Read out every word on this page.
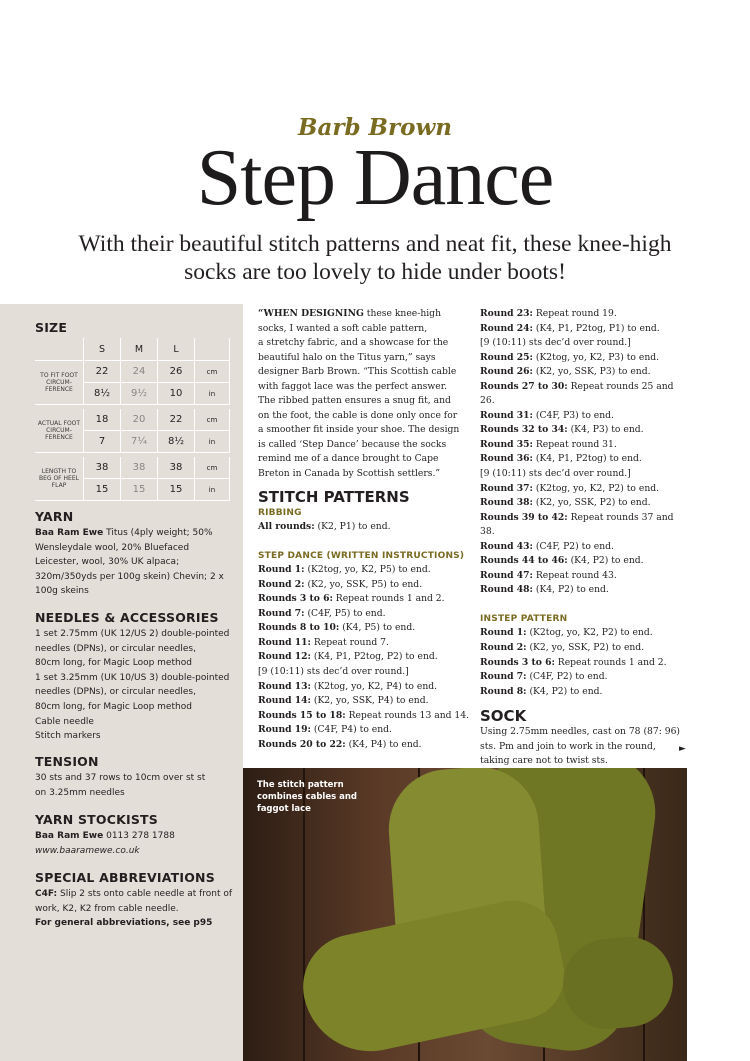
Barb Brown
Step Dance
With their beautiful stitch patterns and neat fit, these knee-high socks are too lovely to hide under boots!
SIZE
	S	M	L	
TO FIT FOOT CIRCUM-FERENCE	22	24	26	cm
	8½	9½	10	in

ACTUAL FOOT CIRCUM-FERENCE	18	20	22	cm
	7	7¼	8½	in

LENGTH TO BEG OF HEEL FLAP	38	38	38	cm
	15	15	15	in
YARN
Baa Ram Ewe Titus (4ply weight; 50% Wensleydale wool, 20% Bluefaced Leicester, wool, 30% UK alpaca; 320m/350yds per 100g skein) Chevin; 2 x 100g skeins
NEEDLES & ACCESSORIES
1 set 2.75mm (UK 12/US 2) double-pointed
needles (DPNs), or circular needles,
80cm long, for Magic Loop method
1 set 3.25mm (UK 10/US 3) double-pointed
needles (DPNs), or circular needles,
80cm long, for Magic Loop method
Cable needle
Stitch markers
TENSION
30 sts and 37 rows to 10cm over st st
on 3.25mm needles
YARN STOCKISTS
Baa Ram Ewe 0113 278 1788
www.baaramewe.co.uk
SPECIAL ABBREVIATIONS
C4F: Slip 2 sts onto cable needle at front of
work, K2, K2 from cable needle.
For general abbreviations, see p95

“WHEN DESIGNING these knee-high

socks, I wanted a soft cable pattern,

a stretchy fabric, and a showcase for the

beautiful halo on the Titus yarn,” says

designer Barb Brown. “This Scottish cable

with faggot lace was the perfect answer.

The ribbed patten ensures a snug fit, and

on the foot, the cable is done only once for

a smoother fit inside your shoe. The design

is called ‘Step Dance’ because the socks

remind me of a dance brought to Cape

Breton in Canada by Scottish settlers.”

STITCH PATTERNS

RIBBING

All rounds: (K2, P1) to end.

STEP DANCE (WRITTEN INSTRUCTIONS)

Round 1: (K2tog, yo, K2, P5) to end.

Round 2: (K2, yo, SSK, P5) to end.

Rounds 3 to 6: Repeat rounds 1 and 2.

Round 7: (C4F, P5) to end.

Rounds 8 to 10: (K4, P5) to end.

Round 11: Repeat round 7.

Round 12: (K4, P1, P2tog, P2) to end.

[9 (10:11) sts dec’d over round.]

Round 13: (K2tog, yo, K2, P4) to end.

Round 14: (K2, yo, SSK, P4) to end.

Rounds 15 to 18: Repeat rounds 13 and 14.

Round 19: (C4F, P4) to end.

Rounds 20 to 22: (K4, P4) to end.

Round 23: Repeat round 19.

Round 24: (K4, P1, P2tog, P1) to end.

[9 (10:11) sts dec’d over round.]

Round 25: (K2tog, yo, K2, P3) to end.

Round 26: (K2, yo, SSK, P3) to end.

Rounds 27 to 30: Repeat rounds 25 and 26.

Round 31: (C4F, P3) to end.

Rounds 32 to 34: (K4, P3) to end.

Round 35: Repeat round 31.

Round 36: (K4, P1, P2tog) to end.

[9 (10:11) sts dec’d over round.]

Round 37: (K2tog, yo, K2, P2) to end.

Round 38: (K2, yo, SSK, P2) to end.

Rounds 39 to 42: Repeat rounds 37 and 38.

Round 43: (C4F, P2) to end.

Rounds 44 to 46: (K4, P2) to end.

Round 47: Repeat round 43.

Round 48: (K4, P2) to end.

INSTEP PATTERN

Round 1: (K2tog, yo, K2, P2) to end.

Round 2: (K2, yo, SSK, P2) to end.

Rounds 3 to 6: Repeat rounds 1 and 2.

Round 7: (C4F, P2) to end.

Round 8: (K4, P2) to end.

SOCK

Using 2.75mm needles, cast on 78 (87: 96)

sts. Pm and join to work in the round,

taking care not to twist sts.

►
The stitch pattern combines cables and faggot lace
